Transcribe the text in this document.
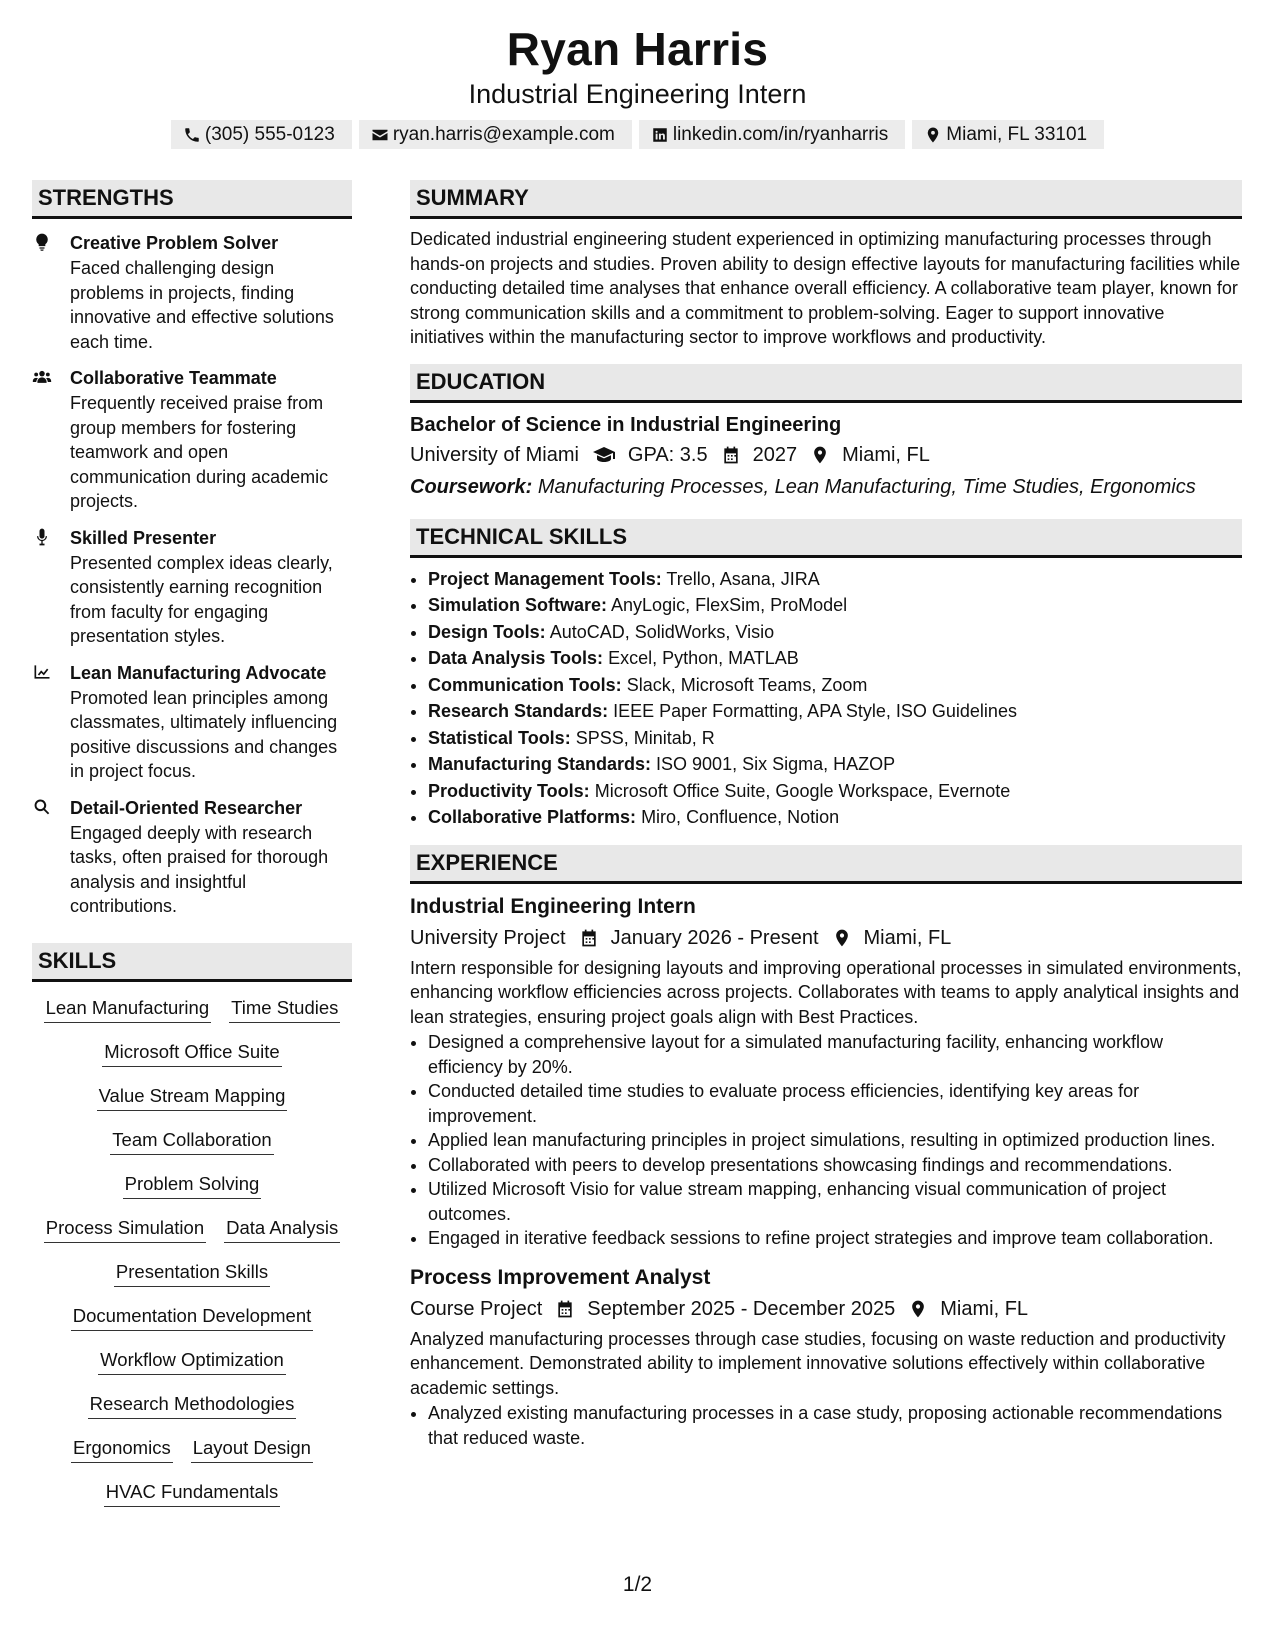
Ryan Harris
Industrial Engineering Intern
(305) 555-0123	ryan.harris@example.com	linkedin.com/in/ryanharris	Miami, FL 33101
STRENGTHS
Creative Problem Solver
Faced challenging design problems in projects, finding innovative and effective solutions each time.
Collaborative Teammate
Frequently received praise from group members for fostering teamwork and open communication during academic projects.
Skilled Presenter
Presented complex ideas clearly, consistently earning recognition from faculty for engaging presentation styles.
Lean Manufacturing Advocate
Promoted lean principles among classmates, ultimately influencing positive discussions and changes in project focus.
Detail-Oriented Researcher
Engaged deeply with research tasks, often praised for thorough analysis and insightful contributions.
SKILLS
Lean Manufacturing Time Studies
Microsoft Office Suite
Value Stream Mapping
Team Collaboration
Problem Solving
Process Simulation Data Analysis
Presentation Skills
Documentation Development
Workflow Optimization
Research Methodologies
Ergonomics Layout Design
HVAC Fundamentals
SUMMARY
Dedicated industrial engineering student experienced in optimizing manufacturing processes through hands-on projects and studies. Proven ability to design effective layouts for manufacturing facilities while conducting detailed time analyses that enhance overall efficiency. A collaborative team player, known for strong communication skills and a commitment to problem-solving. Eager to support innovative initiatives within the manufacturing sector to improve workflows and productivity.
EDUCATION
Bachelor of Science in Industrial Engineering
University of Miami GPA: 3.5 2027 Miami, FL
Coursework: Manufacturing Processes, Lean Manufacturing, Time Studies, Ergonomics
TECHNICAL SKILLS
• Project Management Tools: Trello, Asana, JIRA
• Simulation Software: AnyLogic, FlexSim, ProModel
• Design Tools: AutoCAD, SolidWorks, Visio
• Data Analysis Tools: Excel, Python, MATLAB
• Communication Tools: Slack, Microsoft Teams, Zoom
• Research Standards: IEEE Paper Formatting, APA Style, ISO Guidelines
• Statistical Tools: SPSS, Minitab, R
• Manufacturing Standards: ISO 9001, Six Sigma, HAZOP
• Productivity Tools: Microsoft Office Suite, Google Workspace, Evernote
• Collaborative Platforms: Miro, Confluence, Notion
EXPERIENCE
Industrial Engineering Intern
University Project January 2026 - Present Miami, FL
Intern responsible for designing layouts and improving operational processes in simulated environments, enhancing workflow efficiencies across projects. Collaborates with teams to apply analytical insights and lean strategies, ensuring project goals align with Best Practices.
• Designed a comprehensive layout for a simulated manufacturing facility, enhancing workflow efficiency by 20%.
• Conducted detailed time studies to evaluate process efficiencies, identifying key areas for improvement.
• Applied lean manufacturing principles in project simulations, resulting in optimized production lines.
• Collaborated with peers to develop presentations showcasing findings and recommendations.
• Utilized Microsoft Visio for value stream mapping, enhancing visual communication of project outcomes.
• Engaged in iterative feedback sessions to refine project strategies and improve team collaboration.
Process Improvement Analyst
Course Project September 2025 - December 2025 Miami, FL
Analyzed manufacturing processes through case studies, focusing on waste reduction and productivity enhancement. Demonstrated ability to implement innovative solutions effectively within collaborative academic settings.
• Analyzed existing manufacturing processes in a case study, proposing actionable recommendations that reduced waste.
1/2
